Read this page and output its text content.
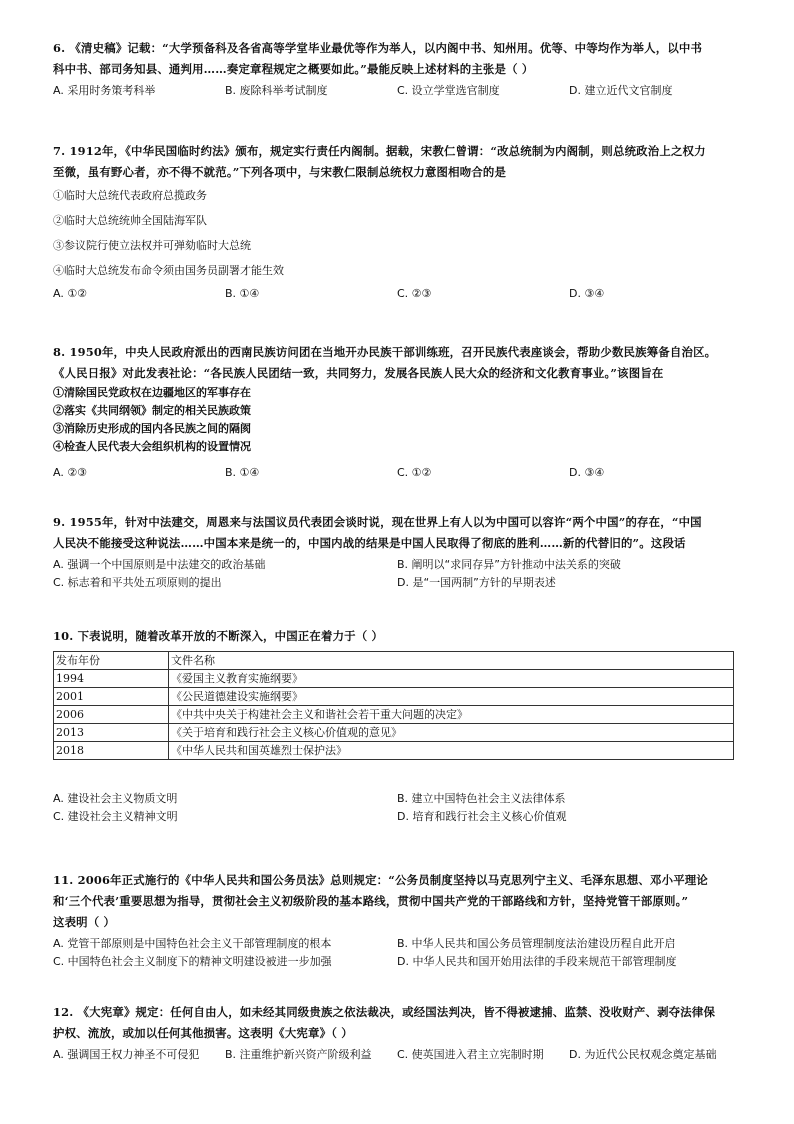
6. 《清史稿》记载：“大学预备科及各省高等学堂毕业最优等作为举人，以内阁中书、知州用。优等、中等均作为举人，以中书
科中书、部司务知县、通判用……奏定章程规定之概要如此。”最能反映上述材料的主张是（ ）
A. 采用时务策考科举	B. 废除科举考试制度	C. 设立学堂选官制度	D. 建立近代文官制度
7. 1912年，《中华民国临时约法》颁布，规定实行责任内阁制。据载，宋教仁曾谓：“改总统制为内阁制，则总统政治上之权力
至微，虽有野心者，亦不得不就范。”下列各项中，与宋教仁限制总统权力意图相吻合的是
①临时大总统代表政府总揽政务
②临时大总统统帅全国陆海军队
③参议院行使立法权并可弹劾临时大总统
④临时大总统发布命令须由国务员副署才能生效
A. ①②	B. ①④	C. ②③	D. ③④
8. 1950年，中央人民政府派出的西南民族访问团在当地开办民族干部训练班，召开民族代表座谈会，帮助少数民族筹备自治区。
《人民日报》对此发表社论：“各民族人民团结一致，共同努力，发展各民族人民大众的经济和文化教育事业。”该图旨在
①清除国民党政权在边疆地区的军事存在
②落实《共同纲领》制定的相关民族政策
③消除历史形成的国内各民族之间的隔阂
④检查人民代表大会组织机构的设置情况
A. ②③	B. ①④	C. ①②	D. ③④
9. 1955年，针对中法建交，周恩来与法国议员代表团会谈时说，现在世界上有人以为中国可以容许“两个中国”的存在，“中国
人民决不能接受这种说法……中国本来是统一的，中国内战的结果是中国人民取得了彻底的胜利……新的代替旧的”。这段话
A. 强调一个中国原则是中法建交的政治基础	B. 阐明以“求同存异”方针推动中法关系的突破
C. 标志着和平共处五项原则的提出	D. 是“一国两制”方针的早期表述
10. 下表说明，随着改革开放的不断深入，中国正在着力于（ ）
发布年份	文件名称
1994	《爱国主义教育实施纲要》
2001	《公民道德建设实施纲要》
2006	《中共中央关于构建社会主义和谐社会若干重大问题的决定》
2013	《关于培育和践行社会主义核心价值观的意见》
2018	《中华人民共和国英雄烈士保护法》
A. 建设社会主义物质文明	B. 建立中国特色社会主义法律体系
C. 建设社会主义精神文明	D. 培育和践行社会主义核心价值观
11. 2006年正式施行的《中华人民共和国公务员法》总则规定：“公务员制度坚持以马克思列宁主义、毛泽东思想、邓小平理论
和‘三个代表’重要思想为指导，贯彻社会主义初级阶段的基本路线，贯彻中国共产党的干部路线和方针，坚持党管干部原则。”
这表明（ ）
A. 党管干部原则是中国特色社会主义干部管理制度的根本	B. 中华人民共和国公务员管理制度法治建设历程自此开启
C. 中国特色社会主义制度下的精神文明建设被进一步加强	D. 中华人民共和国开始用法律的手段来规范干部管理制度
12. 《大宪章》规定：任何自由人，如未经其同级贵族之依法裁决，或经国法判决，皆不得被逮捕、监禁、没收财产、剥夺法律保
护权、流放，或加以任何其他损害。这表明《大宪章》（ ）
A. 强调国王权力神圣不可侵犯 B. 注重维护新兴资产阶级利益 C. 使英国进入君主立宪制时期 D. 为近代公民权观念奠定基础
